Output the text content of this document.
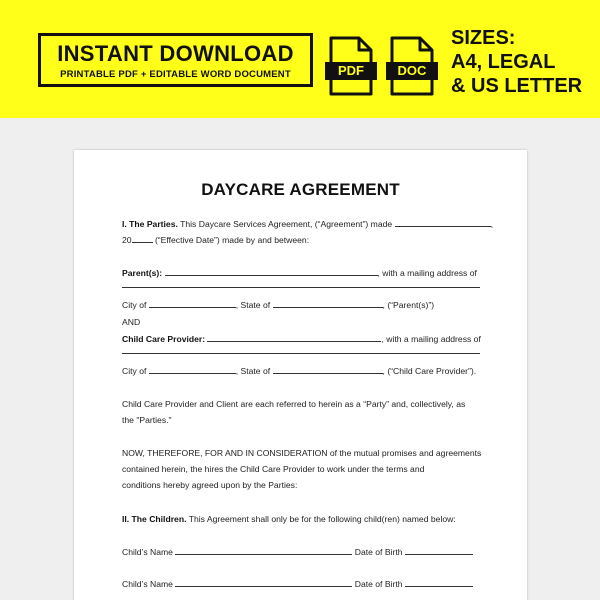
INSTANT DOWNLOAD
PRINTABLE PDF + EDITABLE WORD DOCUMENT	PDF	DOC
SIZES:
A4, LEGAL
& US LETTER
DAYCARE AGREEMENT
I. The Parties. This Daycare Services Agreement, (“Agreement”) made	,
20 (“Effective Date”) made by and between:
Parent(s):	, with a mailing address of
City of	, State of	, (“Parent(s)”)
AND
Child Care Provider:	, with a mailing address of
City of	, State of	, (“Child Care Provider”).
Child Care Provider and Client are each referred to herein as a “Party” and, collectively, as
the "Parties."
NOW, THEREFORE, FOR AND IN CONSIDERATION of the mutual promises and agreements
contained herein, the hires the Child Care Provider to work under the terms and
conditions hereby agreed upon by the Parties:
II. The Children. This Agreement shall only be for the following child(ren) named below:
Child’s Name	Date of Birth
Child’s Name	Date of Birth
